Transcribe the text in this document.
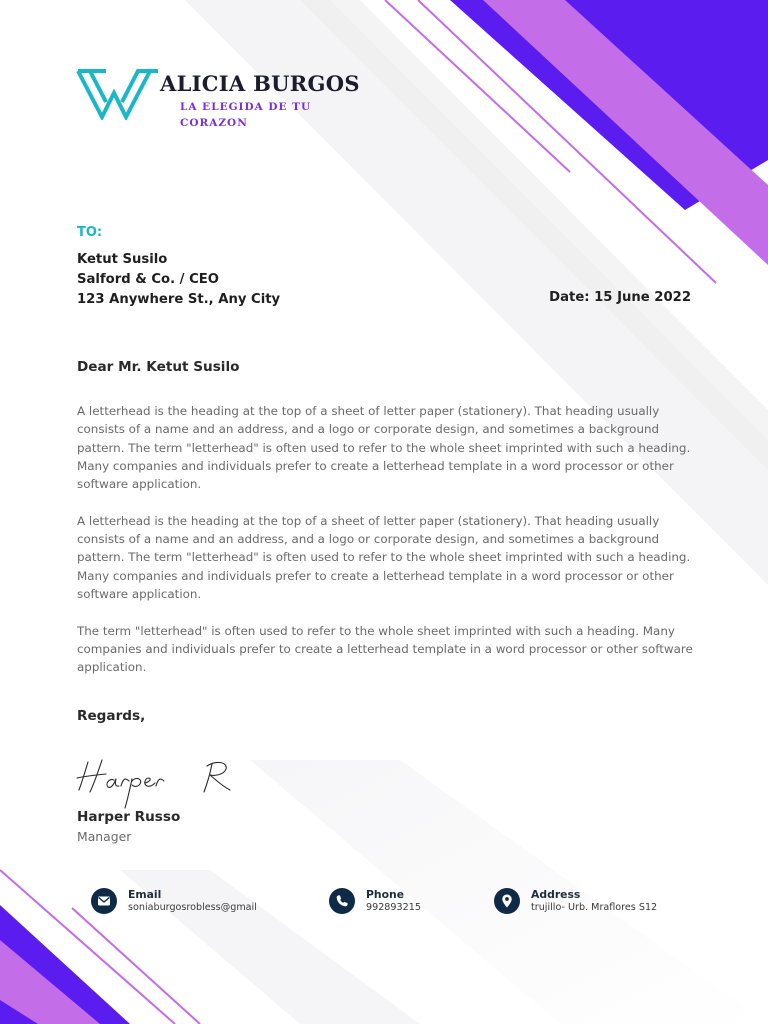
ALICIA BURGOS
LA ELEGIDA DE TU CORAZON
TO:
Ketut Susilo
Salford & Co. / CEO
123 Anywhere St., Any City	Date: 15 June 2022
Dear Mr. Ketut Susilo

A letterhead is the heading at the top of a sheet of letter paper (stationery). That heading usually consists of a name and an address, and a logo or corporate design, and sometimes a background pattern. The term "letterhead" is often used to refer to the whole sheet imprinted with such a heading. Many companies and individuals prefer to create a letterhead template in a word processor or other software application.

A letterhead is the heading at the top of a sheet of letter paper (stationery). That heading usually consists of a name and an address, and a logo or corporate design, and sometimes a background pattern. The term "letterhead" is often used to refer to the whole sheet imprinted with such a heading. Many companies and individuals prefer to create a letterhead template in a word processor or other software application.

The term "letterhead" is often used to refer to the whole sheet imprinted with such a heading. Many companies and individuals prefer to create a letterhead template in a word processor or other software application.

Regards,
Harper Russo
Manager
Email
soniaburgosrobless@gmail
Phone
992893215
Address
trujillo- Urb. Mraflores S12
